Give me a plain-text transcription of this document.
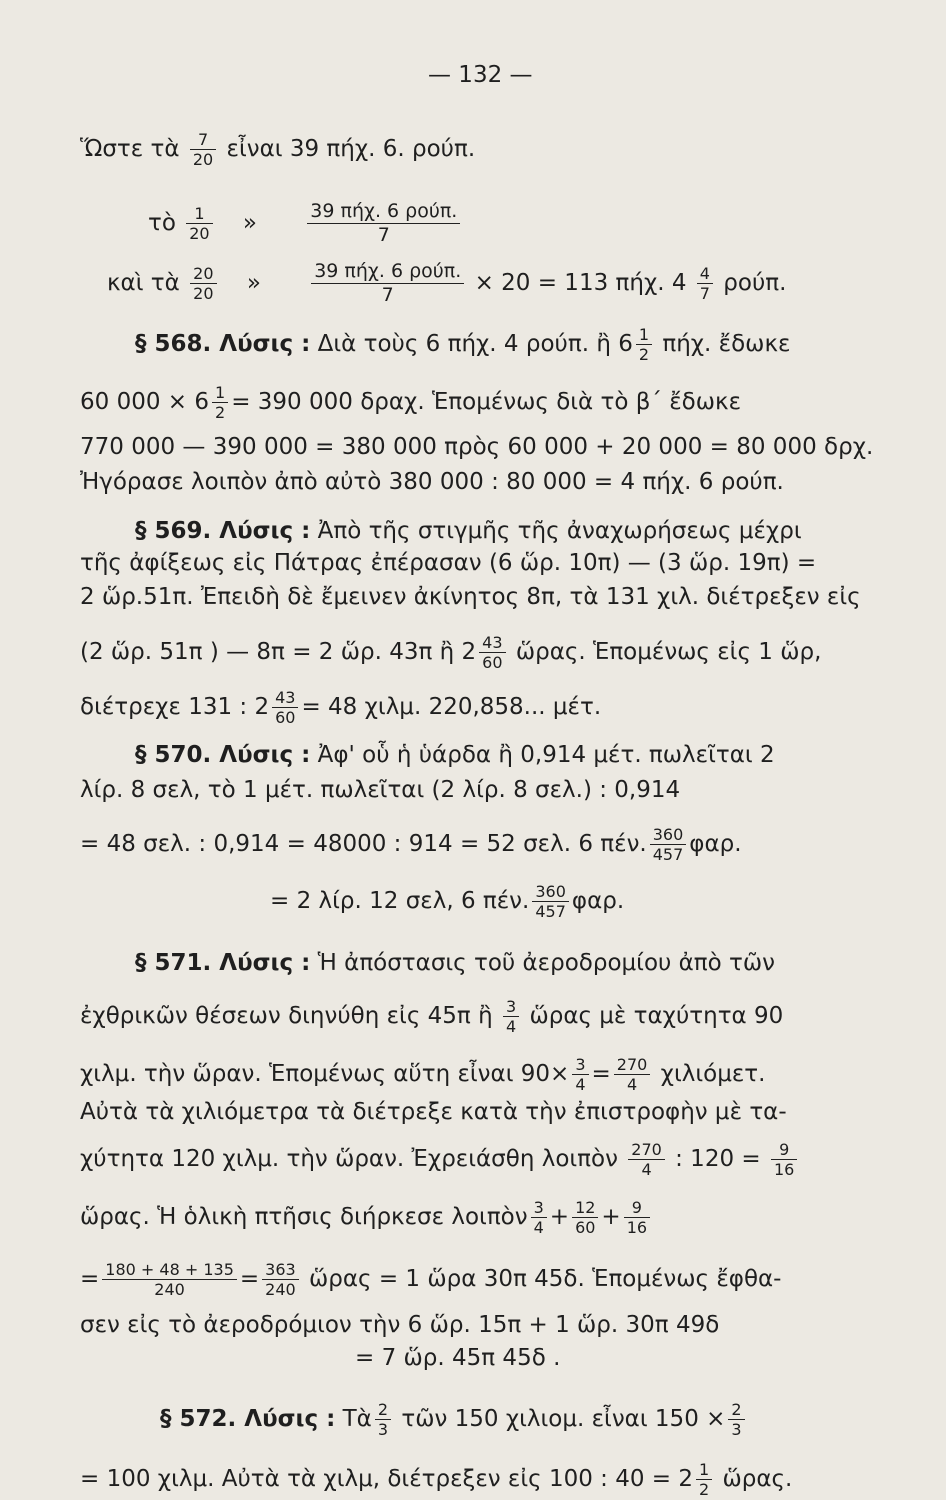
— 132 —
Ὥστε τὰ $\frac{7}{20}$ εἶναι 39 πήχ. 6. ρούπ.
τὸ $\frac{1}{20}$ »	$\frac{\text{39 πήχ. 6 ρούπ.}}{7}$
καὶ τὰ $\frac{20}{20}$ »	$\frac{\text{39 πήχ. 6 ρούπ.}}{7} \times 20 = 113$ πήχ. $4 \frac{4}{7} \rho oύ\pi$.
§ 568. Λύσις : Διὰ τοὺς 6 πήχ. 4 ρούπ. ἢ $6 \frac{1}{2} \pi ή\chi$. ἔδωκε
60 $000 \times 6 \frac{1}{2} = 390$ 000 δραχ. Ἑπομένως διὰ τὸ β΄ ἔδωκε
770 000 — 390 000 = 380 000 πρὸς 60 000 + 20 000 = 80 000 δρχ.
Ἠγόρασε λοιπὸν ἀπὸ αὐτὸ 380 000 : 80 000 = 4 πήχ. 6 ρούπ.
§ 569. Λύσις : Ἀπὸ τῆς στιγμῆς τῆς ἀναχωρήσεως μέχρι
τῆς ἀφίξεως εἰς Πάτρας ἐπέρασαν (6 ὥρ. 10π) — (3 ὥρ. 19π) =
2 ὥρ.51π. Ἐπειδὴ δὲ ἔμεινεν ἀκίνητος 8π, τὰ 131 χιλ. διέτρεξεν εἰς
(2 ὥρ. 51π ) — 8π = 2 ὥρ. 43π ἢ $2 \frac{43}{60}$ ὥρας. Ἑπομένως εἰς 1 ὥρ,
διέτρεχε 131 : $2 \frac{43}{60} = 48$ χιλμ. 220,858... μέτ.
§ 570. Λύσις : Ἀφ' οὗ ἡ ὑάρδα ἢ 0,914 μέτ. πωλεῖται 2
λίρ. 8 σελ, τὸ 1 μέτ. πωλεῖται (2 λίρ. 8 σελ.) : 0,914
= 48 σελ. : 0,914 = 48000 : 914 = 52 σελ. 6 πέν. $\frac{360}{457} \varphi\alpha\rho$.
= 2 λίρ. 12 σελ, 6 πέν. $\frac{360}{457} \varphi\alpha\rho$.
§ 571. Λύσις : Ἡ ἀπόστασις τοῦ ἀεροδρομίου ἀπὸ τῶν
ἐχθρικῶν θέσεων διηνύθη εἰς 45π ἢ $\frac{3}{4}$ ὥρας μὲ ταχύτητα 90
χιλμ. τὴν ὥραν. Ἑπομένως αὕτη εἶναι $90\times \frac{3}{4} = \frac{270}{4} \chi\iota\lambda\iota ό\mu\varepsilon\tau$.
Αὐτὰ τὰ χιλιόμετρα τὰ διέτρεξε κατὰ τὴν ἐπιστροφὴν μὲ τα-
χύτητα 120 χιλμ. τὴν ὥραν. Ἐχρειάσθη λοιπὸν $\frac{270}{4}$ : $120 = \frac{9}{16}$
ὥρας. Ἡ ὁλικὴ πτῆσις διήρκεσε λοιπὸν $\frac{3}{4} + \frac{12}{60} + \frac{9}{16}$
= $\frac{180 + 48 + 135}{240} = \frac{363}{240}$ ὥρας = 1 ὥρα 30π 45δ. Ἑπομένως ἔφθα-
σεν εἰς τὸ ἀεροδρόμιον τὴν 6 ὥρ. 15π + 1 ὥρ. 30π 49δ
= 7 ὥρ. 45π 45δ .
§ 572. Λύσις : Τὰ $\frac{2}{3}$ τῶν 150 χιλιομ. εἶναι $150 \times \frac{2}{3}$
= 100 χιλμ. Αὐτὰ τὰ χιλμ, διέτρεξεν εἰς 100 : $40 = 2 \frac{1}{2}$ ὥρας.
